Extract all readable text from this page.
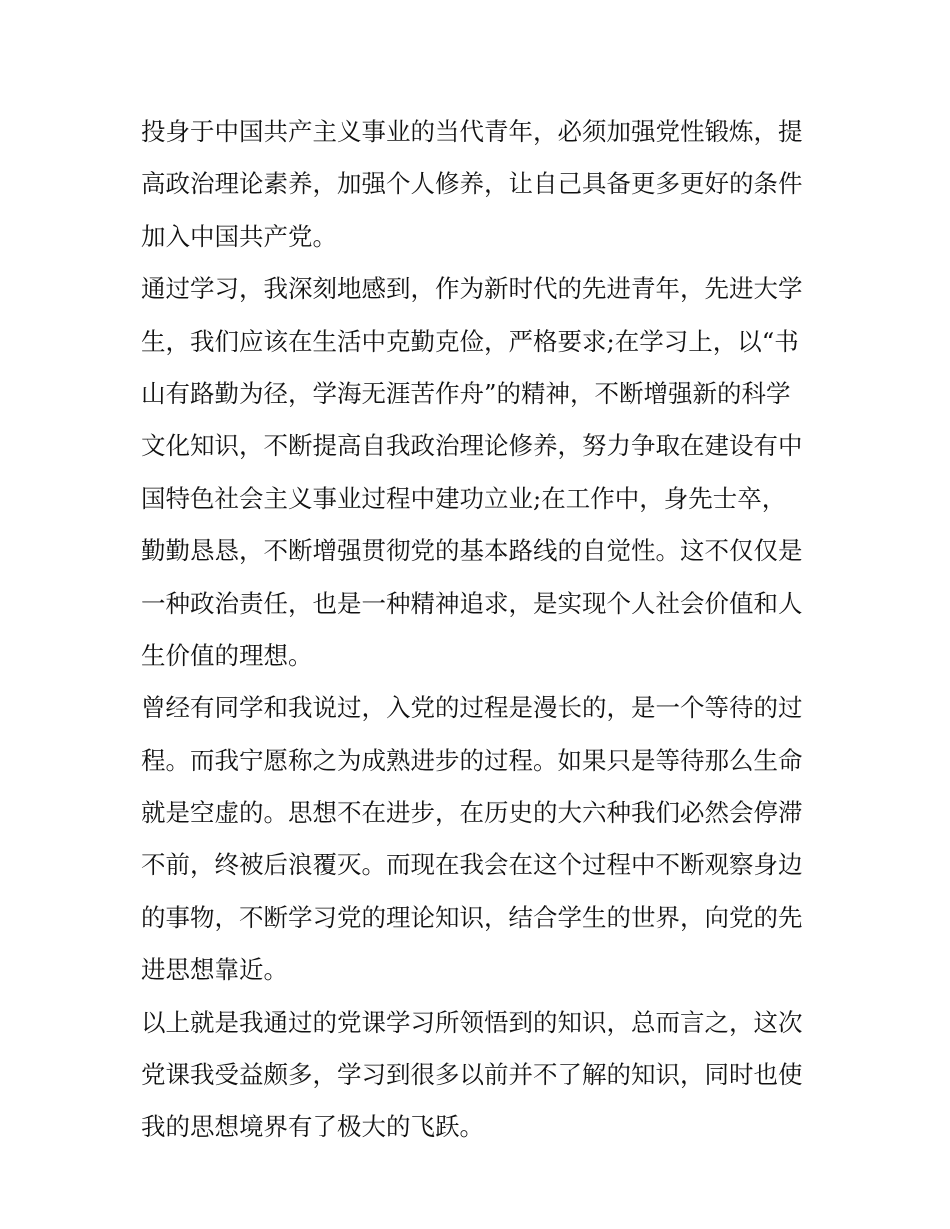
投身于中国共产主义事业的当代青年，必须加强党性锻炼，提
高政治理论素养，加强个人修养，让自己具备更多更好的条件
加入中国共产党。
通过学习，我深刻地感到，作为新时代的先进青年，先进大学
生，我们应该在生活中克勤克俭，严格要求;在学习上，以“书
山有路勤为径，学海无涯苦作舟”的精神，不断增强新的科学
文化知识，不断提高自我政治理论修养，努力争取在建设有中
国特色社会主义事业过程中建功立业;在工作中，身先士卒，
勤勤恳恳，不断增强贯彻党的基本路线的自觉性。这不仅仅是
一种政治责任，也是一种精神追求，是实现个人社会价值和人
生价值的理想。
曾经有同学和我说过，入党的过程是漫长的，是一个等待的过
程。而我宁愿称之为成熟进步的过程。如果只是等待那么生命
就是空虚的。思想不在进步，在历史的大六种我们必然会停滞
不前，终被后浪覆灭。而现在我会在这个过程中不断观察身边
的事物，不断学习党的理论知识，结合学生的世界，向党的先
进思想靠近。
以上就是我通过的党课学习所领悟到的知识，总而言之，这次
党课我受益颇多，学习到很多以前并不了解的知识，同时也使
我的思想境界有了极大的飞跃。
